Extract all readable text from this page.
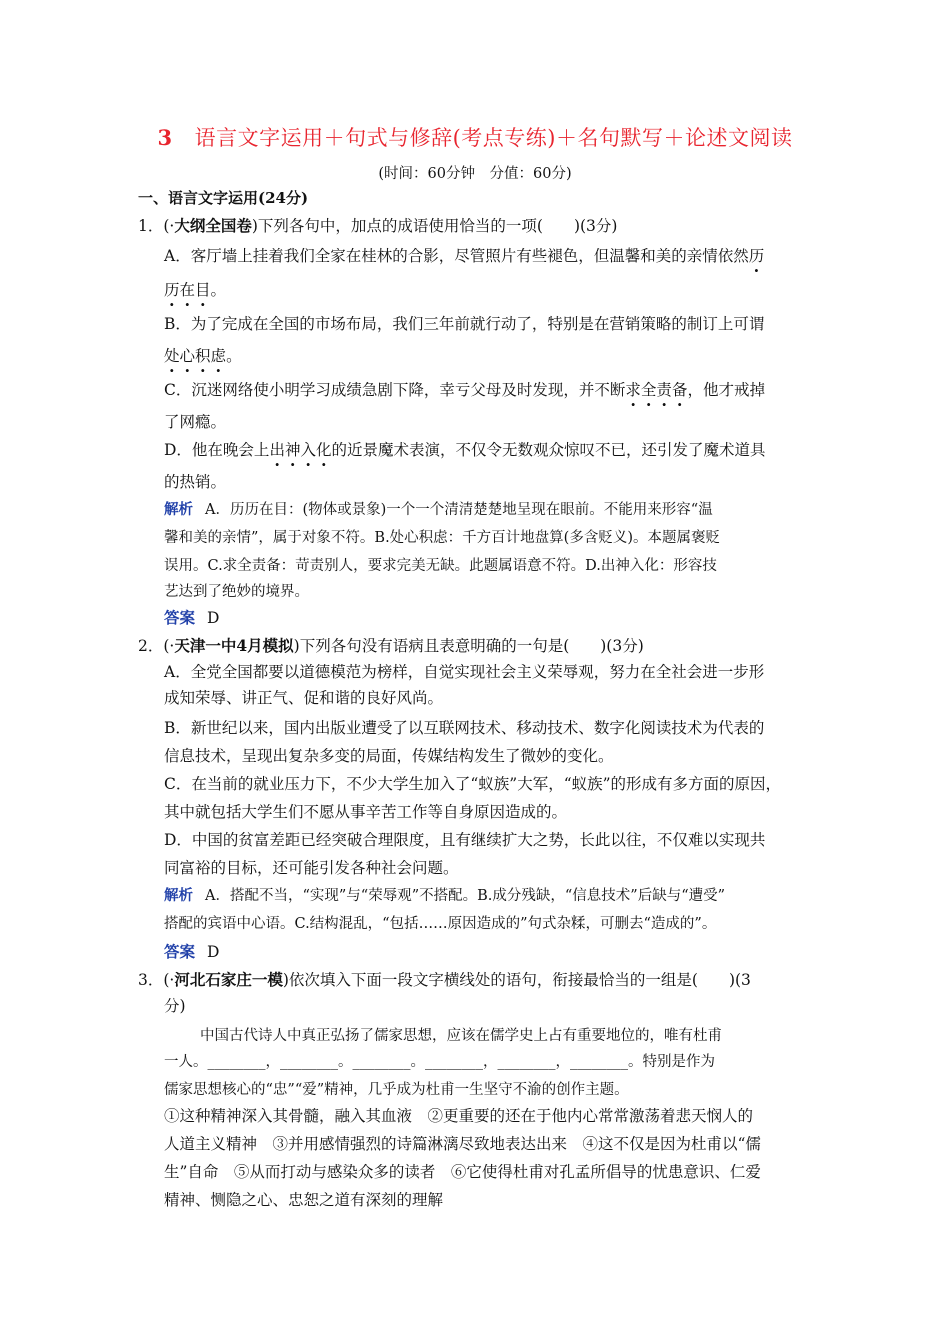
3 语言文字运用＋句式与修辞(考点专练)＋名句默写＋论述文阅读
(时间：60分钟　分值：60分)
一、语言文字运用(24分)
1．(·大纲全国卷)下列各句中，加点的成语使用恰当的一项(　　)(3分)
A．客厅墙上挂着我们全家在桂林的合影，尽管照片有些褪色，但温馨和美的亲情依然历
历在目。
B．为了完成在全国的市场布局，我们三年前就行动了，特别是在营销策略的制订上可谓
处心积虑。
C．沉迷网络使小明学习成绩急剧下降，幸亏父母及时发现，并不断求全责备，他才戒掉
了网瘾。
D．他在晚会上出神入化的近景魔术表演，不仅令无数观众惊叹不已，还引发了魔术道具
的热销。
解析 A．历历在目：(物体或景象)一个一个清清楚楚地呈现在眼前。不能用来形容“温
馨和美的亲情”，属于对象不符。B.处心积虑：千方百计地盘算(多含贬义)。本题属褒贬
误用。C.求全责备：苛责别人，要求完美无缺。此题属语意不符。D.出神入化：形容技
艺达到了绝妙的境界。
答案 D
2．(·天津一中4月模拟)下列各句没有语病且表意明确的一句是(　　)(3分)
A．全党全国都要以道德模范为榜样，自觉实现社会主义荣辱观，努力在全社会进一步形
成知荣辱、讲正气、促和谐的良好风尚。
B．新世纪以来，国内出版业遭受了以互联网技术、移动技术、数字化阅读技术为代表的
信息技术，呈现出复杂多变的局面，传媒结构发生了微妙的变化。
C．在当前的就业压力下，不少大学生加入了“蚁族”大军，“蚁族”的形成有多方面的原因，
其中就包括大学生们不愿从事辛苦工作等自身原因造成的。
D．中国的贫富差距已经突破合理限度，且有继续扩大之势，长此以往，不仅难以实现共
同富裕的目标，还可能引发各种社会问题。
解析 A．搭配不当，“实现”与“荣辱观”不搭配。B.成分残缺，“信息技术”后缺与“遭受”
搭配的宾语中心语。C.结构混乱，“包括……原因造成的”句式杂糅，可删去“造成的”。
答案 D
3．(·河北石家庄一模)依次填入下面一段文字横线处的语句，衔接最恰当的一组是(　　)(3
分)
中国古代诗人中真正弘扬了儒家思想，应该在儒学史上占有重要地位的，唯有杜甫
一人。________，________。________。________，________，________。特别是作为
儒家思想核心的“忠”“爱”精神，几乎成为杜甫一生坚守不渝的创作主题。
①这种精神深入其骨髓，融入其血液　②更重要的还在于他内心常常激荡着悲天悯人的
人道主义精神　③并用感情强烈的诗篇淋漓尽致地表达出来　④这不仅是因为杜甫以“儒
生”自命　⑤从而打动与感染众多的读者　⑥它使得杜甫对孔孟所倡导的忧患意识、仁爱
精神、恻隐之心、忠恕之道有深刻的理解
